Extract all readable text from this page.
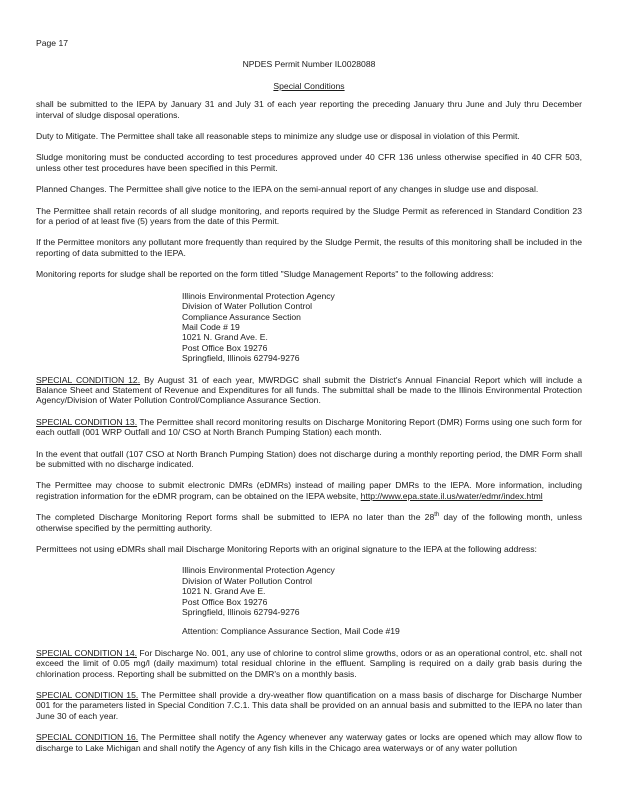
Page 17
NPDES Permit Number IL0028088
Special Conditions

shall be submitted to the IEPA by January 31 and July 31 of each year reporting the preceding January thru June and July thru December interval of sludge disposal operations.

Duty to Mitigate. The Permittee shall take all reasonable steps to minimize any sludge use or disposal in violation of this Permit.

Sludge monitoring must be conducted according to test procedures approved under 40 CFR 136 unless otherwise specified in 40 CFR 503, unless other test procedures have been specified in this Permit.

Planned Changes. The Permittee shall give notice to the IEPA on the semi-annual report of any changes in sludge use and disposal.

The Permittee shall retain records of all sludge monitoring, and reports required by the Sludge Permit as referenced in Standard Condition 23 for a period of at least five (5) years from the date of this Permit.

If the Permittee monitors any pollutant more frequently than required by the Sludge Permit, the results of this monitoring shall be included in the reporting of data submitted to the IEPA.

Monitoring reports for sludge shall be reported on the form titled "Sludge Management Reports" to the following address:

Illinois Environmental Protection Agency
Division of Water Pollution Control
Compliance Assurance Section
Mail Code # 19
1021 N. Grand Ave. E.
Post Office Box 19276
Springfield, Illinois 62794-9276

SPECIAL CONDITION 12. By August 31 of each year, MWRDGC shall submit the District's Annual Financial Report which will include a Balance Sheet and Statement of Revenue and Expenditures for all funds. The submittal shall be made to the Illinois Environmental Protection Agency/Division of Water Pollution Control/Compliance Assurance Section.

SPECIAL CONDITION 13. The Permittee shall record monitoring results on Discharge Monitoring Report (DMR) Forms using one such form for each outfall (001 WRP Outfall and 10/ CSO at North Branch Pumping Station) each month.

In the event that outfall (107 CSO at North Branch Pumping Station) does not discharge during a monthly reporting period, the DMR Form shall be submitted with no discharge indicated.

The Permittee may choose to submit electronic DMRs (eDMRs) instead of mailing paper DMRs to the IEPA. More information, including registration information for the eDMR program, can be obtained on the IEPA website, http://www.epa.state.il.us/water/edmr/index.html

The completed Discharge Monitoring Report forms shall be submitted to IEPA no later than the 28th day of the following month, unless otherwise specified by the permitting authority.

Permittees not using eDMRs shall mail Discharge Monitoring Reports with an original signature to the IEPA at the following address:

Illinois Environmental Protection Agency
Division of Water Pollution Control
1021 N. Grand Ave E.
Post Office Box 19276
Springfield, Illinois 62794-9276
Attention: Compliance Assurance Section, Mail Code #19

SPECIAL CONDITION 14. For Discharge No. 001, any use of chlorine to control slime growths, odors or as an operational control, etc. shall not exceed the limit of 0.05 mg/l (daily maximum) total residual chlorine in the effluent. Sampling is required on a daily grab basis during the chlorination process. Reporting shall be submitted on the DMR's on a monthly basis.

SPECIAL CONDITION 15. The Permittee shall provide a dry-weather flow quantification on a mass basis of discharge for Discharge Number 001 for the parameters listed in Special Condition 7.C.1. This data shall be provided on an annual basis and submitted to the IEPA no later than June 30 of each year.

SPECIAL CONDITION 16. The Permittee shall notify the Agency whenever any waterway gates or locks are opened which may allow flow to discharge to Lake Michigan and shall notify the Agency of any fish kills in the Chicago area waterways or of any water pollution
